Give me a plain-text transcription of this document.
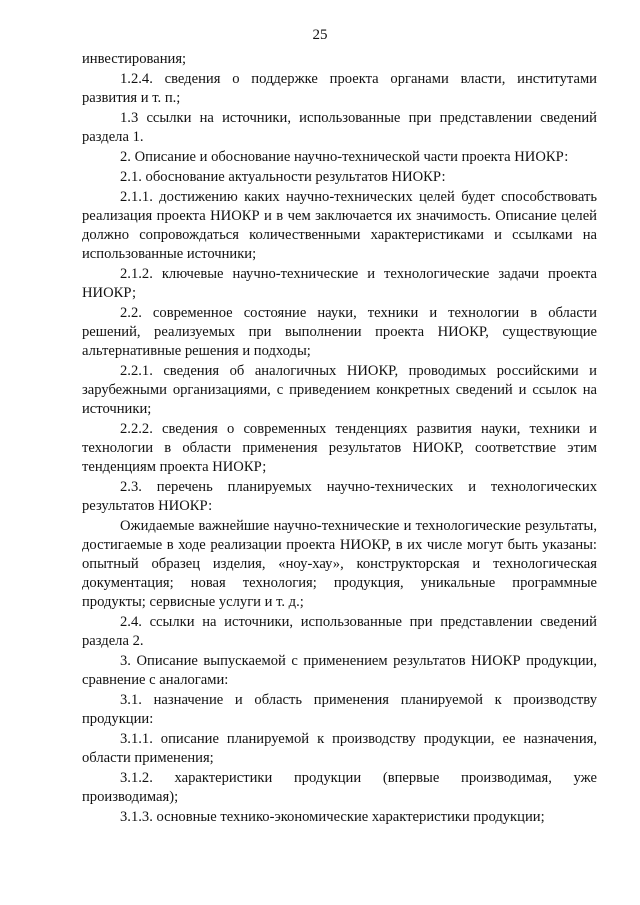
25

инвестирования;

1.2.4. сведения о поддержке проекта органами власти, институтами развития и т. п.;

1.3 ссылки на источники, использованные при представлении сведений раздела 1.

2. Описание и обоснование научно-технической части проекта НИОКР:

2.1. обоснование актуальности результатов НИОКР:

2.1.1. достижению каких научно-технических целей будет способствовать реализация проекта НИОКР и в чем заключается их значимость. Описание целей должно сопровождаться количественными характеристиками и ссылками на использованные источники;

2.1.2. ключевые научно-технические и технологические задачи проекта НИОКР;

2.2. современное состояние науки, техники и технологии в области решений, реализуемых при выполнении проекта НИОКР, существующие альтернативные решения и подходы;

2.2.1. сведения об аналогичных НИОКР, проводимых российскими и зарубежными организациями, с приведением конкретных сведений и ссылок на источники;

2.2.2. сведения о современных тенденциях развития науки, техники и технологии в области применения результатов НИОКР, соответствие этим тенденциям проекта НИОКР;

2.3. перечень планируемых научно-технических и технологических результатов НИОКР:

Ожидаемые важнейшие научно-технические и технологические результаты, достигаемые в ходе реализации проекта НИОКР, в их числе могут быть указаны: опытный образец изделия, «ноу-хау», конструкторская и технологическая документация; новая технология; продукция, уникальные программные продукты; сервисные услуги и т. д.;

2.4. ссылки на источники, использованные при представлении сведений раздела 2.

3. Описание выпускаемой с применением результатов НИОКР продукции, сравнение с аналогами:

3.1. назначение и область применения планируемой к производству продукции:

3.1.1. описание планируемой к производству продукции, ее назначения, области применения;

3.1.2. характеристики продукции (впервые производимая, уже производимая);

3.1.3. основные технико-экономические характеристики продукции;
